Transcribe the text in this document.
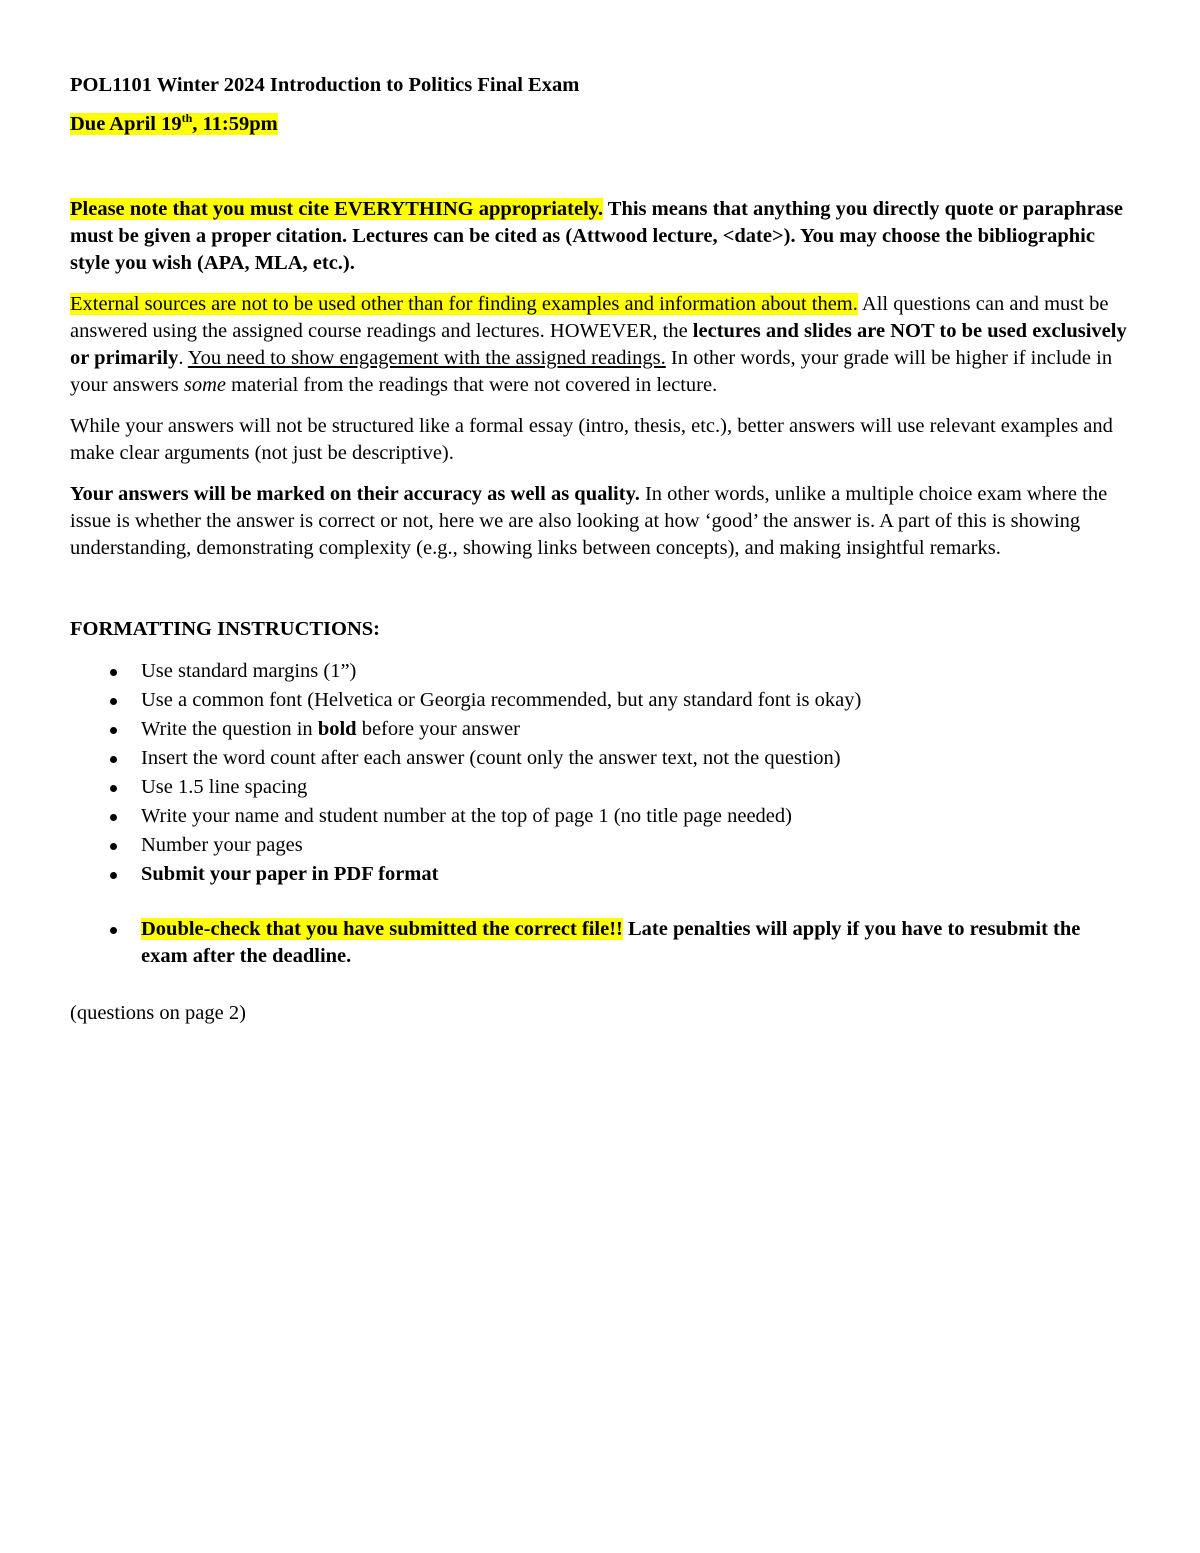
POL1101 Winter 2024 Introduction to Politics Final Exam

Due April 19th, 11:59pm

Please note that you must cite EVERYTHING appropriately. This means that anything you directly quote or paraphrase must be given a proper citation. Lectures can be cited as (Attwood lecture, <date>). You may choose the bibliographic style you wish (APA, MLA, etc.).

External sources are not to be used other than for finding examples and information about them. All questions can and must be answered using the assigned course readings and lectures. HOWEVER, the lectures and slides are NOT to be used exclusively or primarily. You need to show engagement with the assigned readings. In other words, your grade will be higher if include in your answers some material from the readings that were not covered in lecture.

While your answers will not be structured like a formal essay (intro, thesis, etc.), better answers will use relevant examples and make clear arguments (not just be descriptive).

Your answers will be marked on their accuracy as well as quality. In other words, unlike a multiple choice exam where the issue is whether the answer is correct or not, here we are also looking at how ‘good’ the answer is. A part of this is showing understanding, demonstrating complexity (e.g., showing links between concepts), and making insightful remarks.

FORMATTING INSTRUCTIONS:

Use standard margins (1”)
Use a common font (Helvetica or Georgia recommended, but any standard font is okay)
Write the question in bold before your answer
Insert the word count after each answer (count only the answer text, not the question)
Use 1.5 line spacing
Write your name and student number at the top of page 1 (no title page needed)
Number your pages
Submit your paper in PDF format
Double-check that you have submitted the correct file!! Late penalties will apply if you have to resubmit the exam after the deadline.

(questions on page 2)
